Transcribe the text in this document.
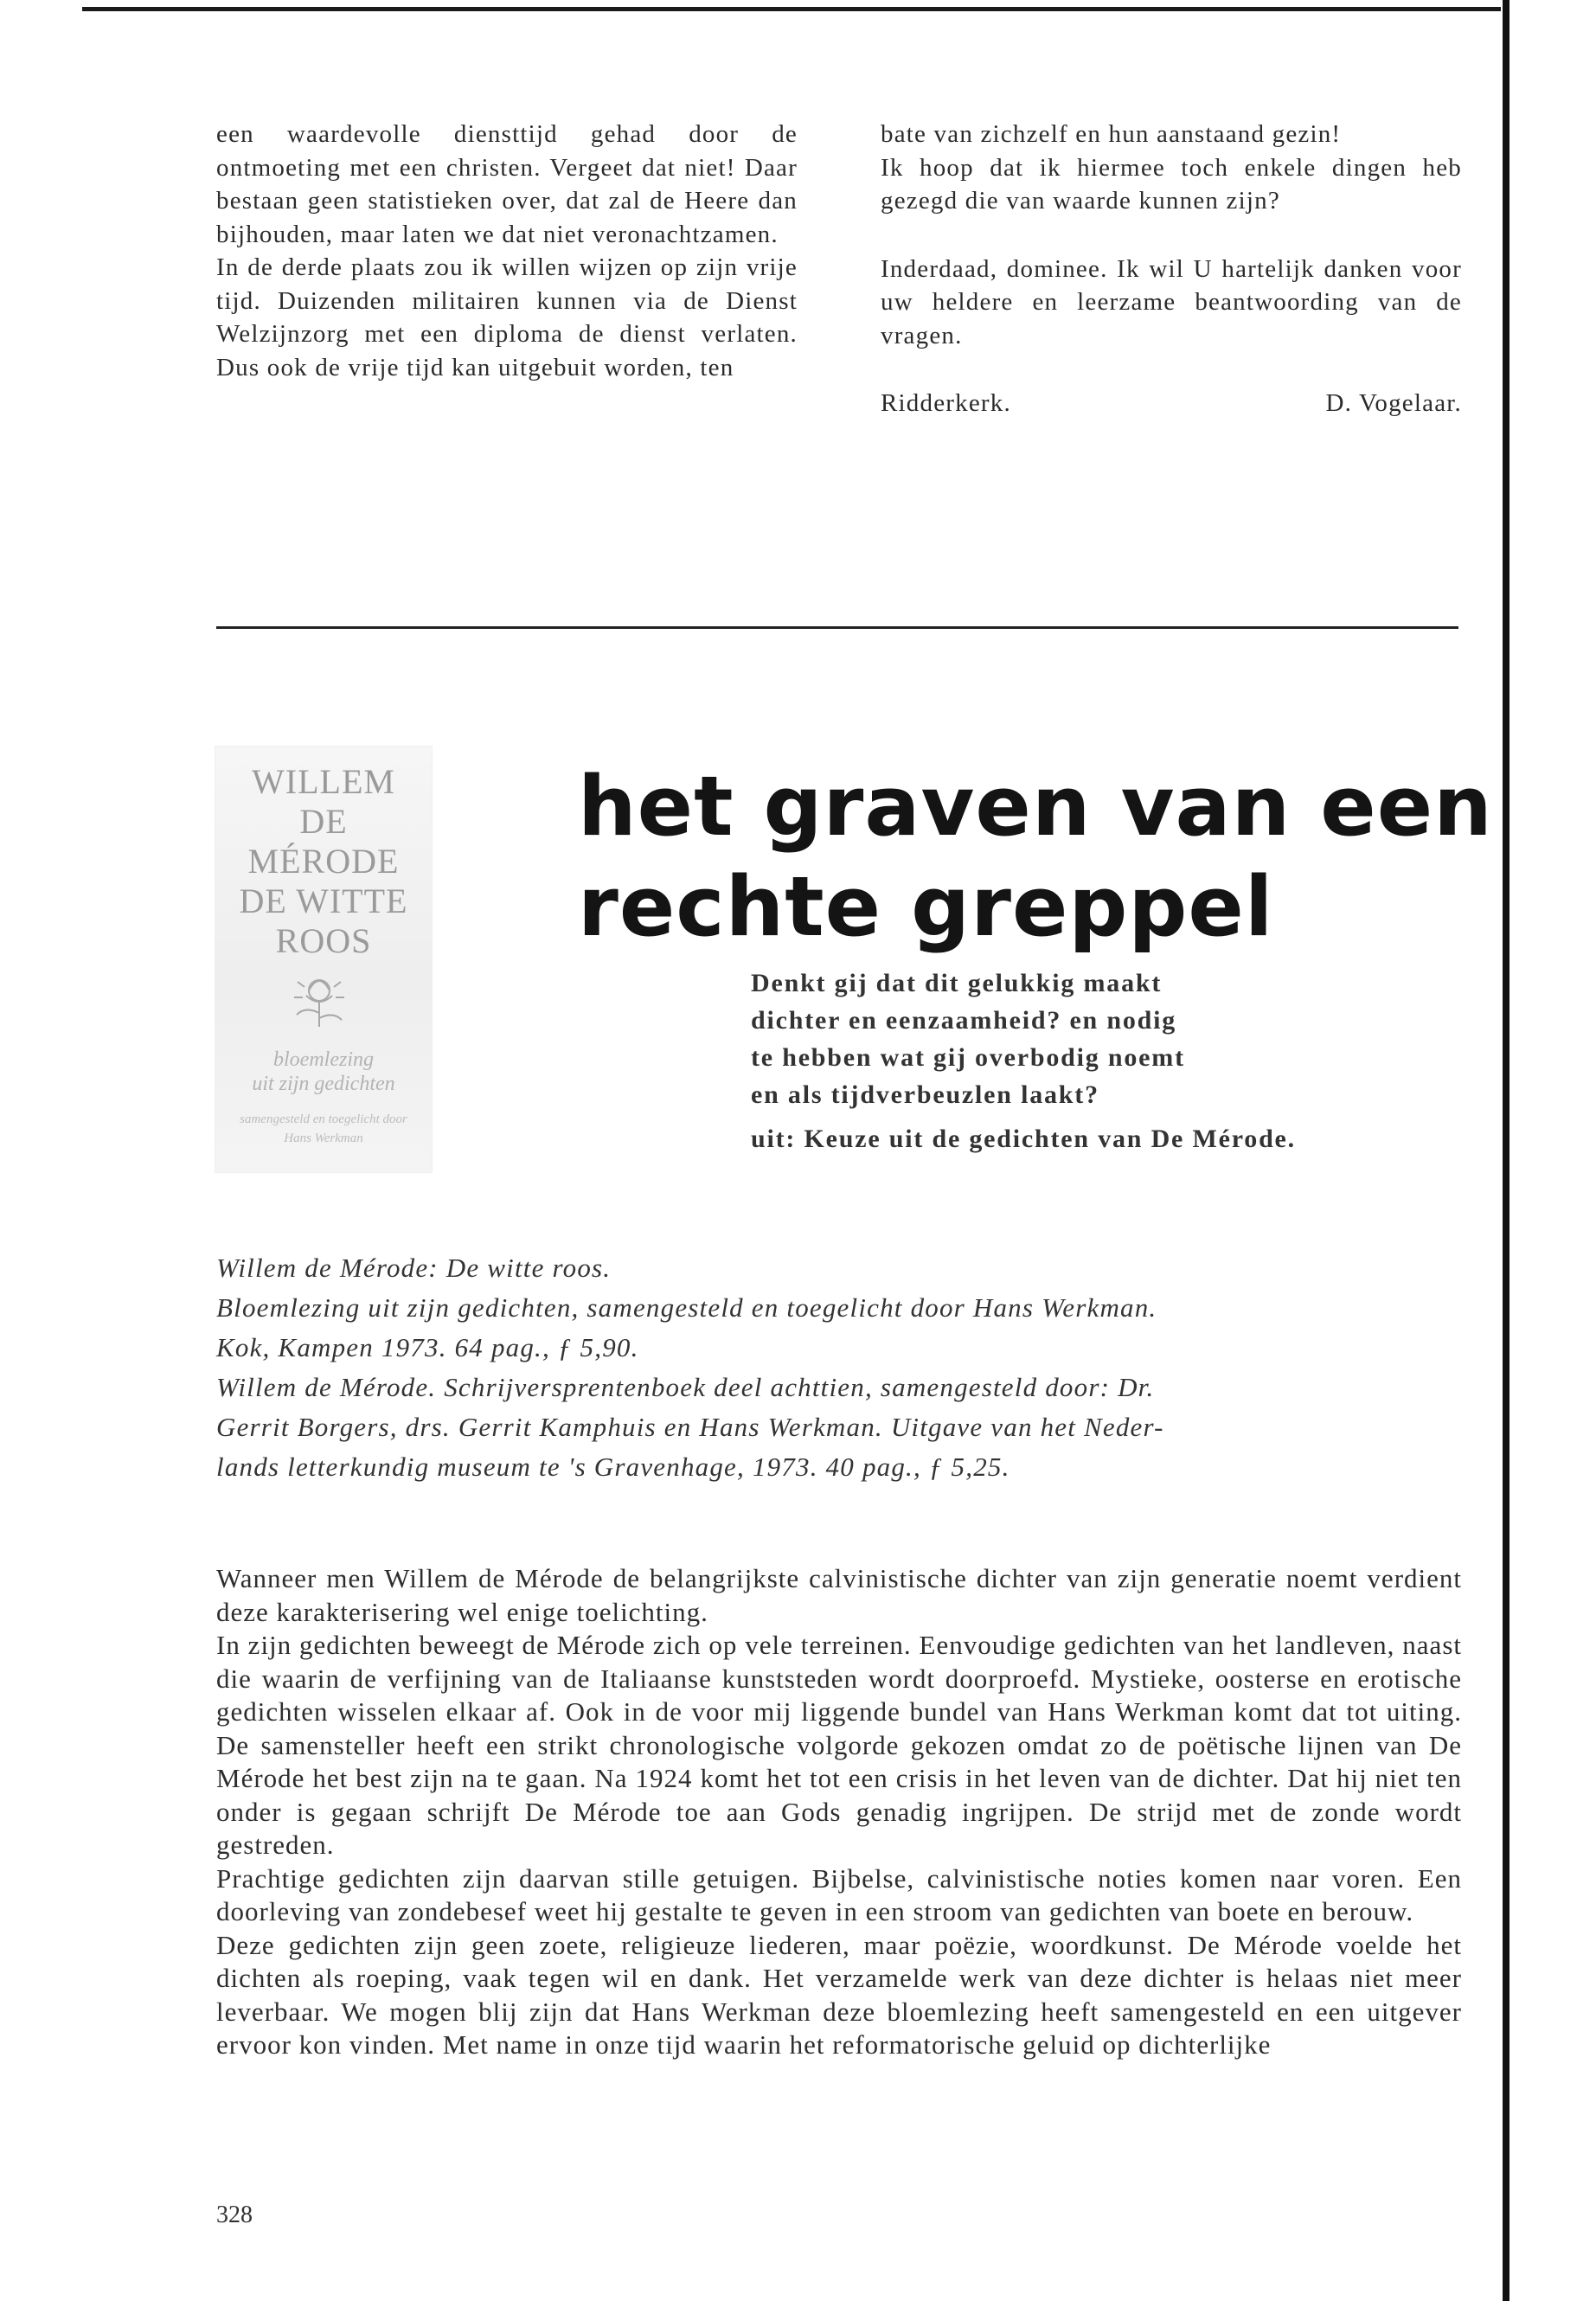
een waardevolle diensttijd gehad door de ontmoeting met een christen. Vergeet dat niet! Daar bestaan geen statistieken over, dat zal de Heere dan bijhouden, maar laten we dat niet veronachtzamen.

In de derde plaats zou ik willen wijzen op zijn vrije tijd. Duizenden militairen kunnen via de Dienst Welzijnzorg met een diploma de dienst verlaten. Dus ook de vrije tijd kan uitgebuit worden, ten

bate van zichzelf en hun aanstaand gezin!

Ik hoop dat ik hiermee toch enkele dingen heb gezegd die van waarde kunnen zijn?

Inderdaad, dominee. Ik wil U hartelijk danken voor uw heldere en leerzame beantwoording van de vragen.

Ridderkerk.	D. Vogelaar.
WILLEM
DE
MÉRODE
DE WITTE
ROOS
bloemlezing
uit zijn gedichten
samengesteld en toegelicht door
Hans Werkman
het graven van een
rechte greppel
Denkt gij dat dit gelukkig maakt
dichter en eenzaamheid? en nodig
te hebben wat gij overbodig noemt
en als tijdverbeuzlen laakt?
uit: Keuze uit de gedichten van De Mérode.
Willem de Mérode: De witte roos.
Bloemlezing uit zijn gedichten, samengesteld en toegelicht door Hans Werkman.
Kok, Kampen 1973. 64 pag., ƒ 5,90.
Willem de Mérode. Schrijversprentenboek deel achttien, samengesteld door: Dr.
Gerrit Borgers, drs. Gerrit Kamphuis en Hans Werkman. Uitgave van het Neder-
lands letterkundig museum te 's Gravenhage, 1973. 40 pag., ƒ 5,25.

Wanneer men Willem de Mérode de belangrijkste calvinistische dichter van zijn generatie noemt verdient deze karakterisering wel enige toelichting.

In zijn gedichten beweegt de Mérode zich op vele terreinen. Eenvoudige gedichten van het landleven, naast die waarin de verfijning van de Italiaanse kunststeden wordt doorproefd. Mystieke, oosterse en erotische gedichten wisselen elkaar af. Ook in de voor mij liggende bundel van Hans Werkman komt dat tot uiting. De samensteller heeft een strikt chronologische volgorde gekozen omdat zo de poëtische lijnen van De Mérode het best zijn na te gaan. Na 1924 komt het tot een crisis in het leven van de dichter. Dat hij niet ten onder is gegaan schrijft De Mérode toe aan Gods genadig ingrijpen. De strijd met de zonde wordt gestreden.

Prachtige gedichten zijn daarvan stille getuigen. Bijbelse, calvinistische noties komen naar voren. Een doorleving van zondebesef weet hij gestalte te geven in een stroom van gedichten van boete en berouw.

Deze gedichten zijn geen zoete, religieuze liederen, maar poëzie, woordkunst. De Mérode voelde het dichten als roeping, vaak tegen wil en dank. Het verzamelde werk van deze dichter is helaas niet meer leverbaar. We mogen blij zijn dat Hans Werkman deze bloemlezing heeft samengesteld en een uitgever ervoor kon vinden. Met name in onze tijd waarin het reformatorische geluid op dichterlijke

328
